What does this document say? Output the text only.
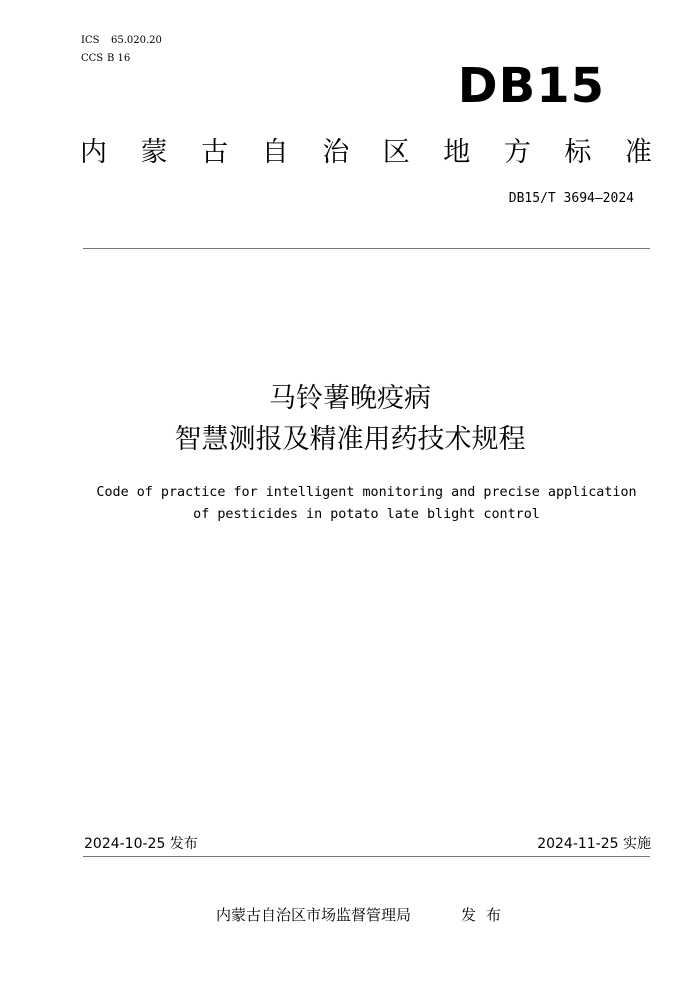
ICS 65.020.20
CCS B 16	DB15
内 蒙 古 自 治 区 地 方 标 准
DB15/T 3694—2024
马铃薯晚疫病
智慧测报及精准用药技术规程
Code of practice for intelligent monitoring and precise application
of pesticides in potato late blight control
2024-10-25 发布	2024-11-25 实施
内蒙古自治区市场监督管理局	发布
